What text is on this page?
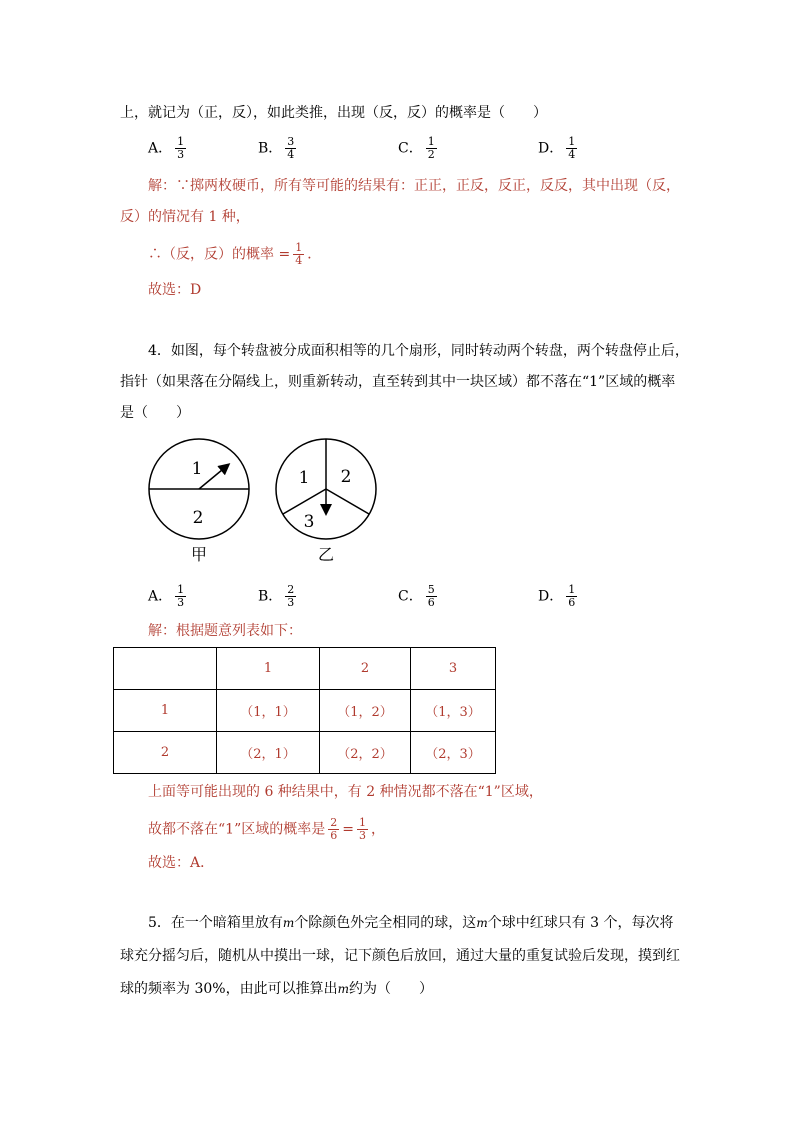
上，就记为（正，反），如此类推，出现（反，反）的概率是（　　）
A． $\frac{1}{3}$	B． $\frac{3}{4}$	C． $\frac{1}{2}$	D． $\frac{1}{4}$
解：∵掷两枚硬币，所有等可能的结果有：正正，正反，反正，反反，其中出现（反，
反）的情况有 1 种，
∴（反，反）的概率 = $\frac{1}{4}$ ．
故选：D
4．如图，每个转盘被分成面积相等的几个扇形，同时转动两个转盘，两个转盘停止后，
指针（如果落在分隔线上，则重新转动，直至转到其中一块区域）都不落在“1”区域的概率
是（　　）
1
2
甲
1 2
3
乙
A． $\frac{1}{3}$	B． $\frac{2}{3}$	C． $\frac{5}{6}$	D． $\frac{1}{6}$
解：根据题意列表如下：
	1	2	3
1	（1，1）	（1，2）	（1，3）
2	（2，1）	（2，2）	（2，3）
上面等可能出现的 6 种结果中，有 2 种情况都不落在“1”区域，
故都不落在“1”区域的概率是 $\frac{2}{6} = \frac{1}{3}$ ，
故选：A．
5．在一个暗箱里放有m个除颜色外完全相同的球，这m个球中红球只有 3 个，每次将
球充分摇匀后，随机从中摸出一球，记下颜色后放回，通过大量的重复试验后发现，摸到红
球的频率为 30%，由此可以推算出m约为（　　）
